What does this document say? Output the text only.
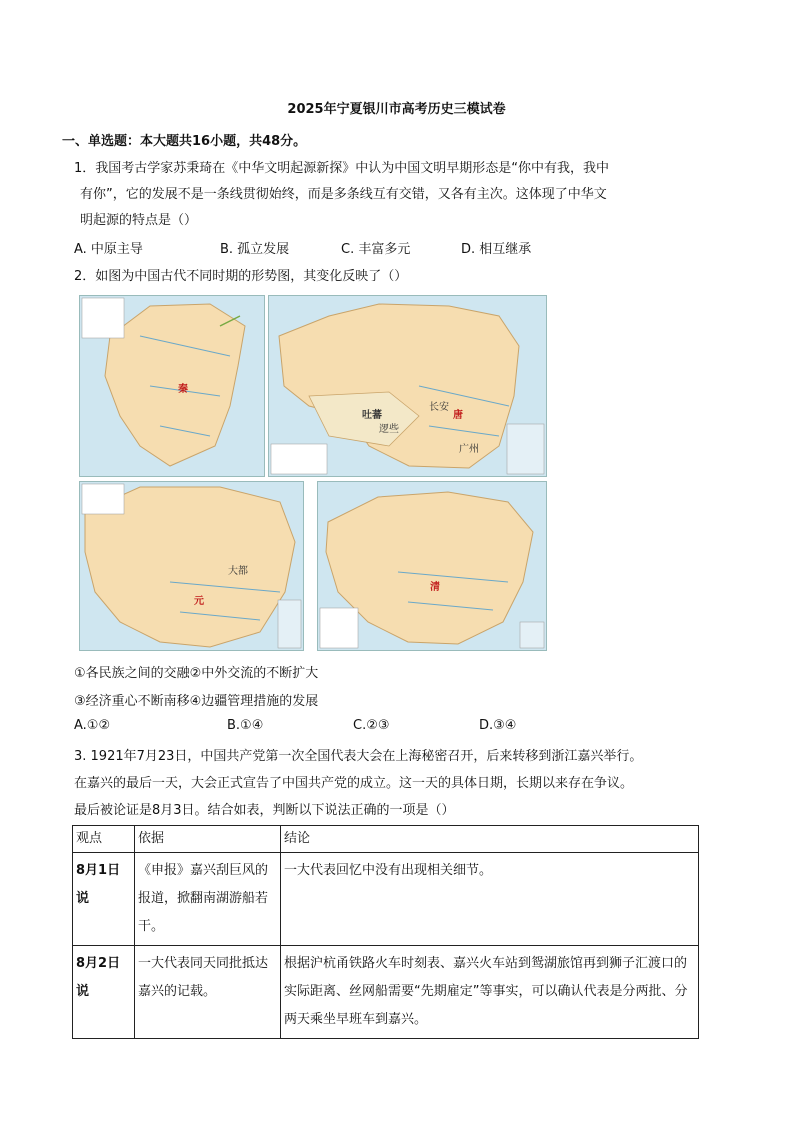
2025年宁夏银川市高考历史三模试卷
一、单选题：本大题共16小题，共48分。
1．我国考古学家苏秉琦在《中华文明起源新探》中认为中国文明早期形态是“你中有我，我中
有你”，它的发展不是一条线贯彻始终，而是多条线互有交错，又各有主次。这体现了中华文
明起源的特点是（）
A. 中原主导	B. 孤立发展	C. 丰富多元	D. 相互继承
2．如图为中国古代不同时期的形势图，其变化反映了（）
秦
唐
吐蕃
长安
逻些
广州
元
大都
清
①各民族之间的交融②中外交流的不断扩大
③经济重心不断南移④边疆管理措施的发展
A.①②	B.①④	C.②③	D.③④
3. 1921年7月23日，中国共产党第一次全国代表大会在上海秘密召开，后来转移到浙江嘉兴举行。
在嘉兴的最后一天，大会正式宣告了中国共产党的成立。这一天的具体日期，长期以来存在争议。
最后被论证是8月3日。结合如表，判断以下说法正确的一项是（）
观点	依据	结论
8月1日说	《申报》嘉兴刮巨风的报道，掀翻南湖游船若干。	一大代表回忆中没有出现相关细节。
8月2日说	一大代表同天同批抵达嘉兴的记载。	根据沪杭甬铁路火车时刻表、嘉兴火车站到鸳湖旅馆再到狮子汇渡口的实际距离、丝网船需要“先期雇定”等事实，可以确认代表是分两批、分两天乘坐早班车到嘉兴。
